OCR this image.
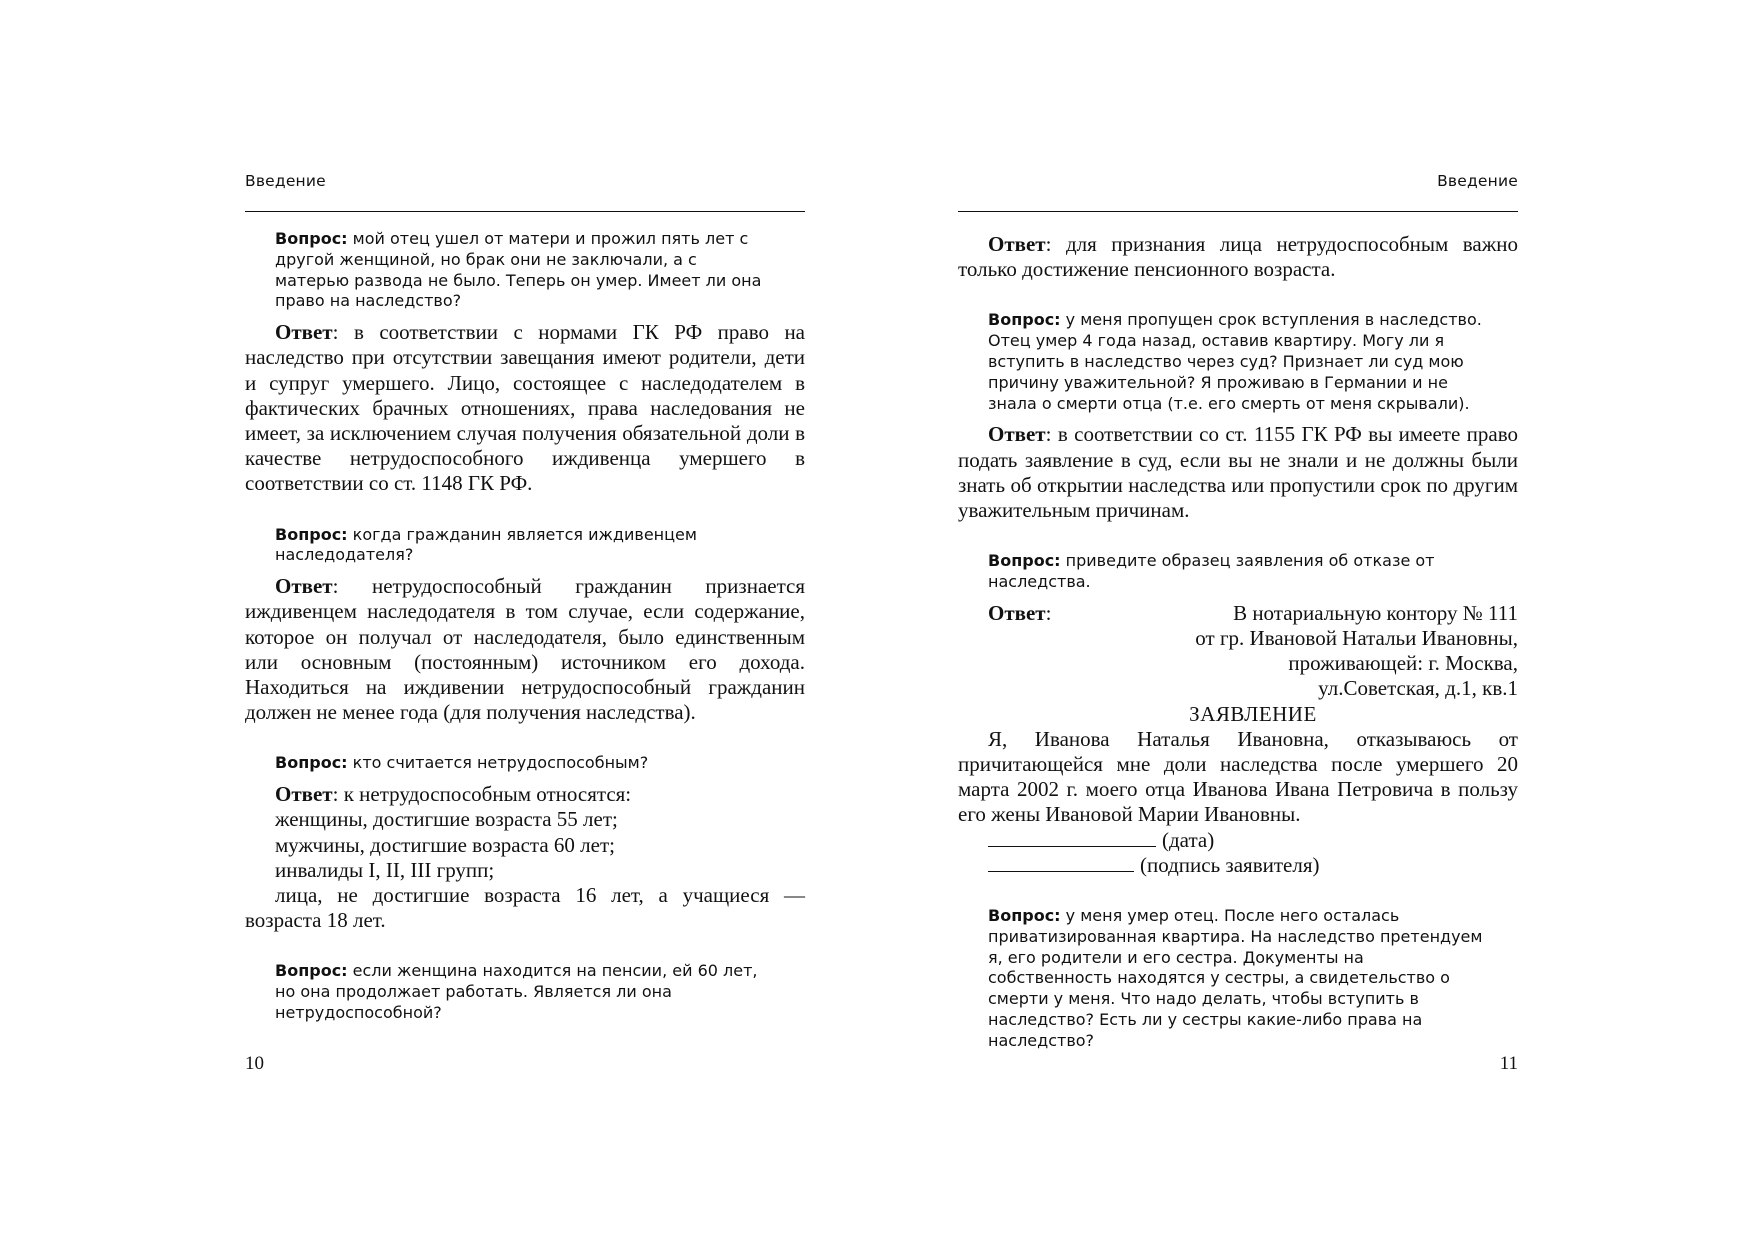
Введение

Вопрос: мой отец ушел от матери и прожил пять лет с другой женщиной, но брак они не заключали, а с матерью развода не было. Теперь он умер. Имеет ли она право на наследство?

Ответ: в соответствии с нормами ГК РФ право на наследство при отсутствии завещания имеют родители, дети и супруг умершего. Лицо, состоящее с наследодателем в фактических брачных отношениях, права наследования не имеет, за исключением случая получения обязательной доли в качестве нетрудоспособного иждивенца умершего в соответствии со ст. 1148 ГК РФ.

Вопрос: когда гражданин является иждивенцем наследодателя?

Ответ: нетрудоспособный гражданин признается иждивенцем наследодателя в том случае, если содержание, которое он получал от наследодателя, было единственным или основным (постоянным) источником его дохода. Находиться на иждивении нетрудоспособный гражданин должен не менее года (для получения наследства).

Вопрос: кто считается нетрудоспособным?

Ответ: к нетрудоспособным относятся:

женщины, достигшие возраста 55 лет;

мужчины, достигшие возраста 60 лет;

инвалиды I, II, III групп;

лица, не достигшие возраста 16 лет, а учащиеся — возраста 18 лет.

Вопрос: если женщина находится на пенсии, ей 60 лет, но она продолжает работать. Является ли она нетрудоспособной?

10
Введение

Ответ: для признания лица нетрудоспособным важно только достижение пенсионного возраста.

Вопрос: у меня пропущен срок вступления в наследство. Отец умер 4 года назад, оставив квартиру. Могу ли я вступить в наследство через суд? Признает ли суд мою причину уважительной? Я проживаю в Германии и не знала о смерти отца (т.е. его смерть от меня скрывали).

Ответ: в соответствии со ст. 1155 ГК РФ вы имеете право подать заявление в суд, если вы не знали и не должны были знать об открытии наследства или пропустили срок по другим уважительным причинам.

Вопрос: приведите образец заявления об отказе от наследства.

Ответ:	В нотариальную контору № 111

от гр. Ивановой Натальи Ивановны,

проживающей: г. Москва,

ул.Советская, д.1, кв.1

ЗАЯВЛЕНИЕ

Я, Иванова Наталья Ивановна, отказываюсь от причитающейся мне доли наследства после умершего 20 марта 2002 г. моего отца Иванова Ивана Петровича в пользу его жены Ивановой Марии Ивановны.

(дата)

(подпись заявителя)

Вопрос: у меня умер отец. После него осталась приватизированная квартира. На наследство претендуем я, его родители и его сестра. Документы на собственность находятся у сестры, а свидетельство о смерти у меня. Что надо делать, чтобы вступить в наследство? Есть ли у сестры какие-либо права на наследство?

11
